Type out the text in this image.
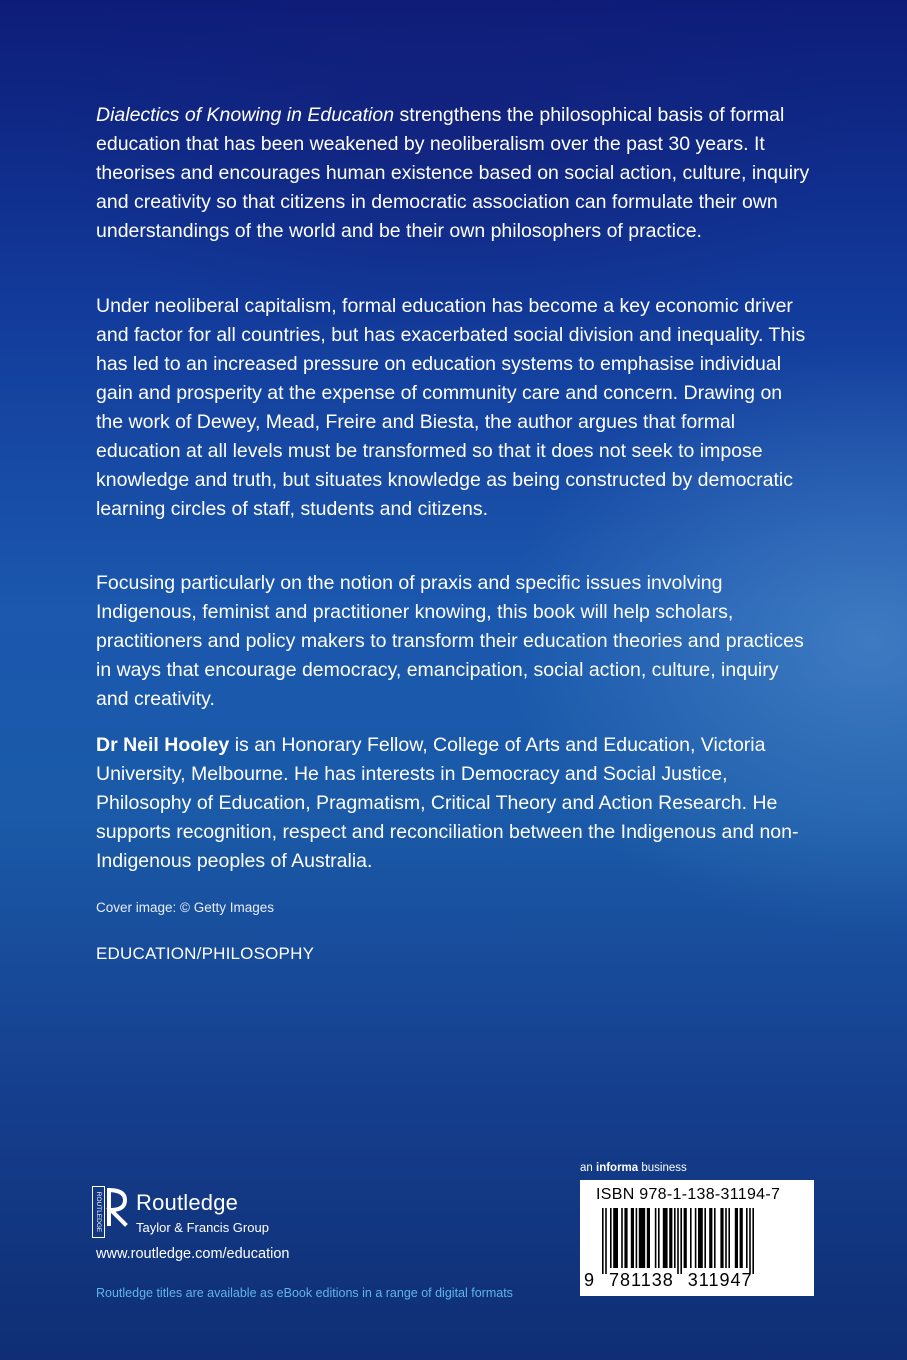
Dialectics of Knowing in Education strengthens the philosophical basis of formal education that has been weakened by neoliberalism over the past 30 years. It theorises and encourages human existence based on social action, culture, inquiry and creativity so that citizens in democratic association can formulate their own understandings of the world and be their own philosophers of practice.

Under neoliberal capitalism, formal education has become a key economic driver and factor for all countries, but has exacerbated social division and inequality. This has led to an increased pressure on education systems to emphasise individual gain and prosperity at the expense of community care and concern. Drawing on the work of Dewey, Mead, Freire and Biesta, the author argues that formal education at all levels must be transformed so that it does not seek to impose knowledge and truth, but situates knowledge as being constructed by democratic learning circles of staff, students and citizens.

Focusing particularly on the notion of praxis and specific issues involving Indigenous, feminist and practitioner knowing, this book will help scholars, practitioners and policy makers to transform their education theories and practices in ways that encourage democracy, emancipation, social action, culture, inquiry and creativity.

Dr Neil Hooley is an Honorary Fellow, College of Arts and Education, Victoria University, Melbourne. He has interests in Democracy and Social Justice, Philosophy of Education, Pragmatism, Critical Theory and Action Research. He supports recognition, respect and reconciliation between the Indigenous and non-Indigenous peoples of Australia.

Cover image: © Getty Images
EDUCATION/PHILOSOPHY
ROUTLEDGE Routledge
Taylor & Francis Group
www.routledge.com/education
Routledge titles are available as eBook editions in a range of digital formats
an informa business
ISBN 978-1-138-31194-7
9 781138 311947
